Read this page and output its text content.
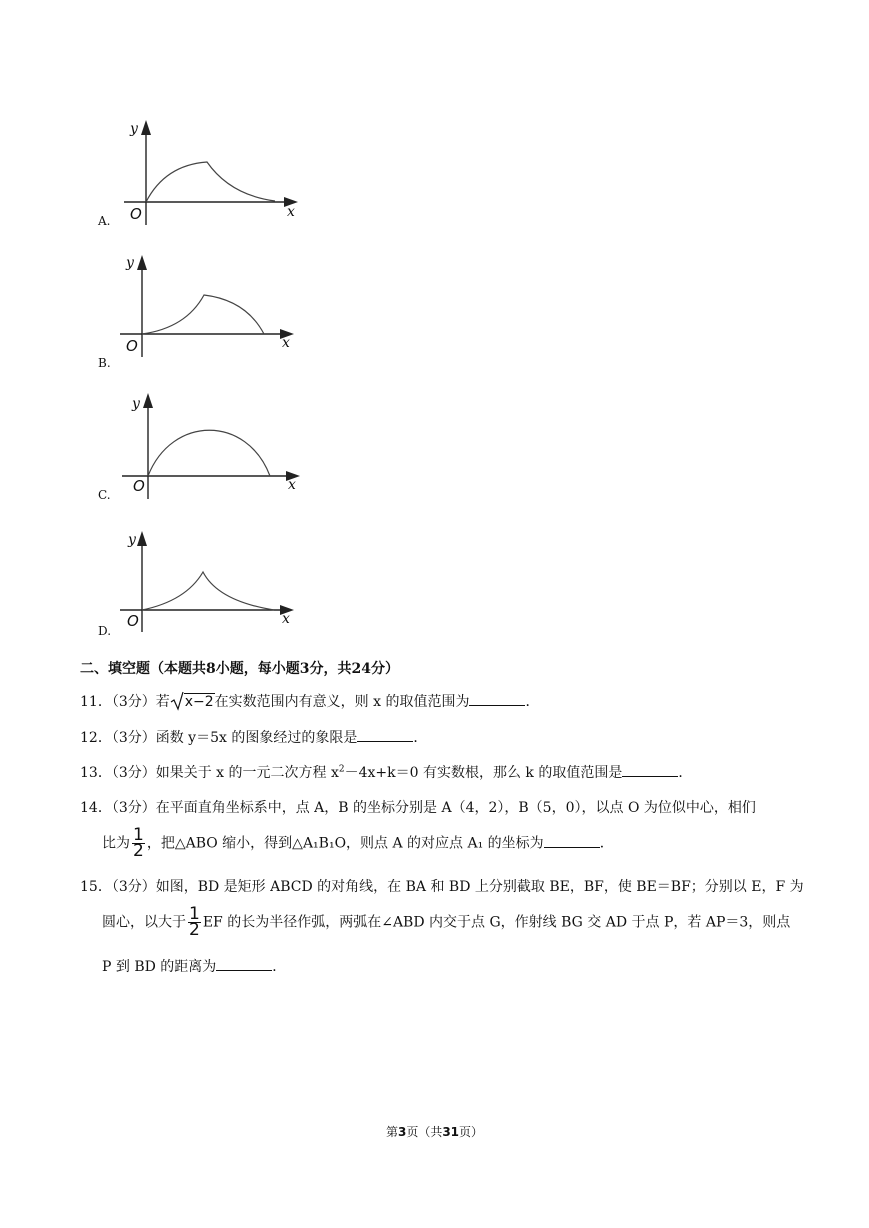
y
x
O
A.
y
x
O
B.
y
x
O
C.
y
x
O
D.
二、填空题（本题共8小题，每小题3分，共24分）
11．（3分）若 x−2在实数范围内有意义，则 x 的取值范围为	．
12．（3分）函数 y＝5x 的图象经过的象限是	．
13．（3分）如果关于 x 的一元二次方程 $x^2-4x+k=0$ 有实数根，那么 k 的取值范围是	．
14．（3分）在平面直角坐标系中，点 A，B 的坐标分别是 A（4，2），B（5，0），以点 O 为位似中心，相们
比为 $\frac{1}{2}$ ，把△ABO 缩小，得到△A₁B₁O，则点 A 的对应点 A₁ 的坐标为	．
15．（3分）如图，BD 是矩形 ABCD 的对角线，在 BA 和 BD 上分别截取 BE，BF，使 BE＝BF；分别以 E，F 为
圆心，以大于 $\frac{1}{2}$ EF 的长为半径作弧，两弧在∠ABD 内交于点 G，作射线 BG 交 AD 于点 P，若 AP＝3，则点
P 到 BD 的距离为	．
第3页（共31页）
